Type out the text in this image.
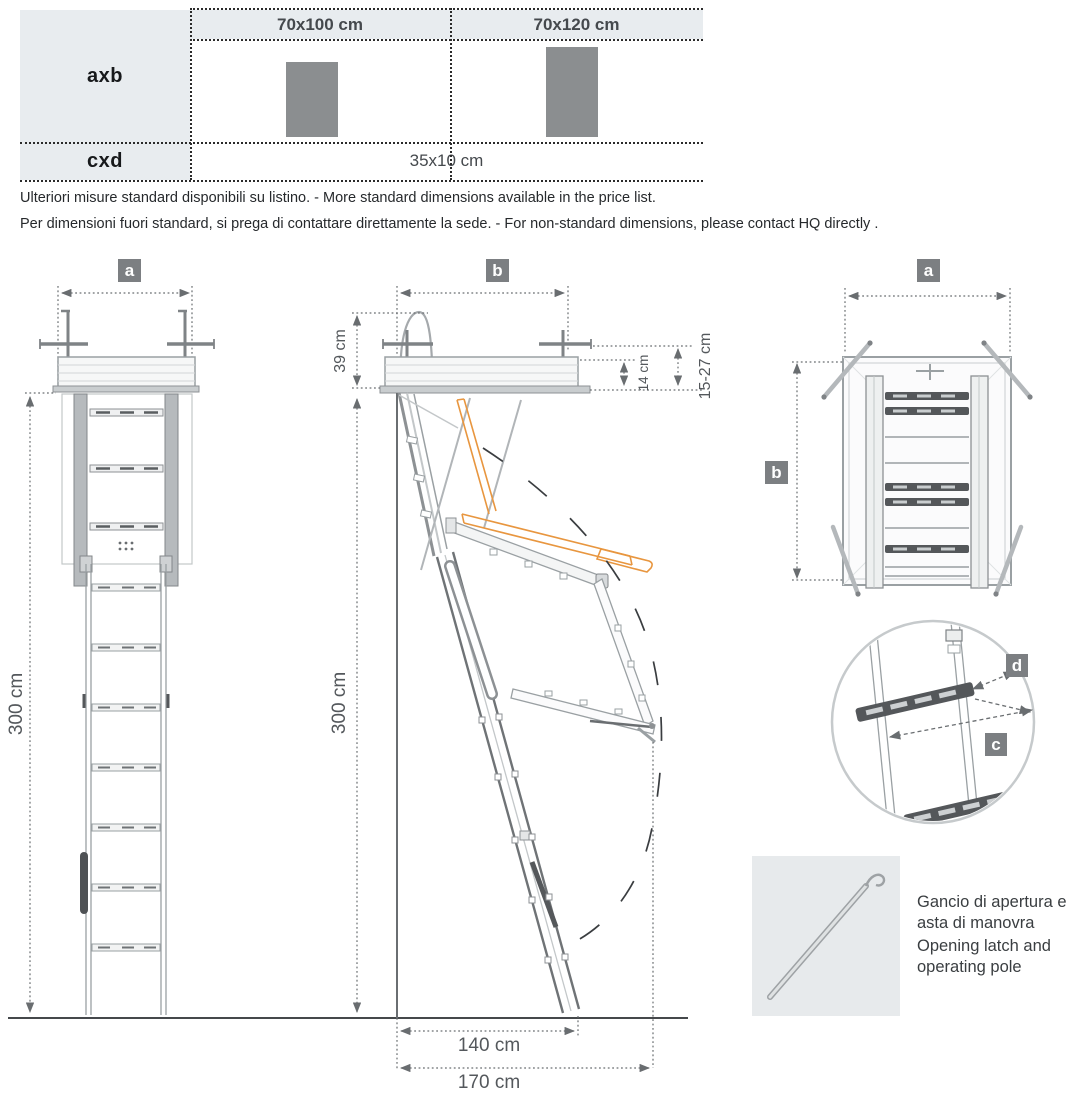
70x100 cm	70x120 cm
axb
cxd	35x10 cm
Ulteriori misure standard disponibili su listino. - More standard dimensions available in the price list.
Per dimensioni fuori standard, si prega di contattare direttamente la sede. - For non-standard dimensions, please contact HQ directly .
a
300 cm
b
39 cm
14 cm	15-27 cm
300 cm
140 cm
170 cm
a
b
d
c

Gancio di apertura e asta di manovra

Opening latch and operating pole
